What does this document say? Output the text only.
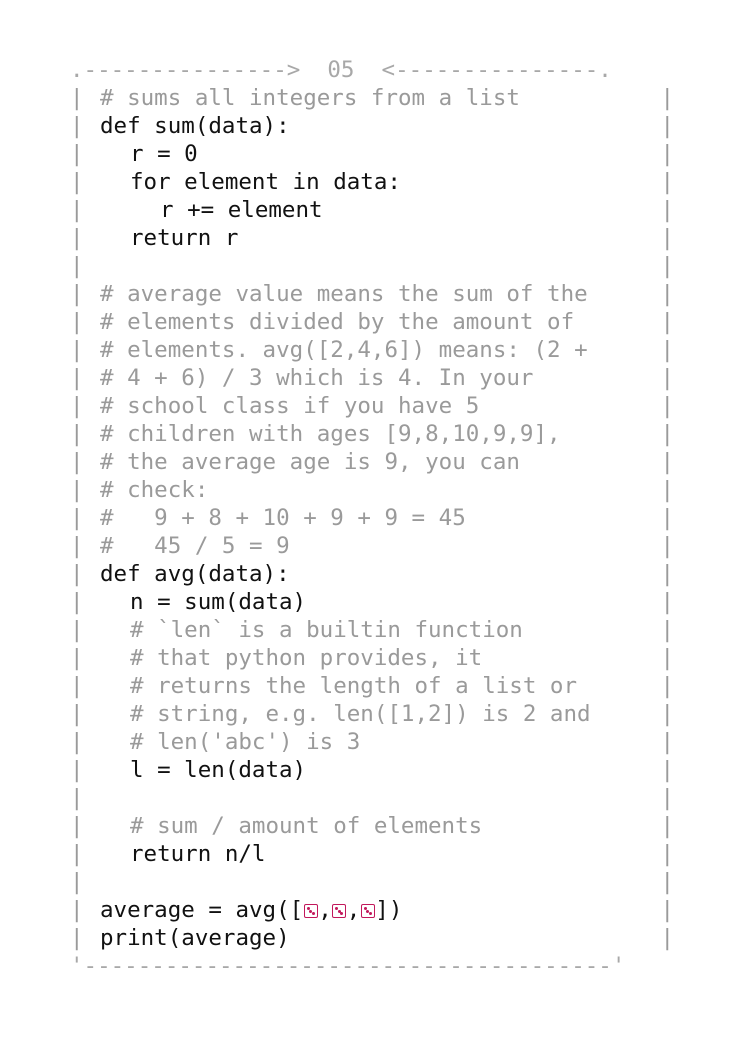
.--------------->  05  <---------------.
| # sums all integers from a list	|
| def sum(data):	|
| r = 0	|
| for element in data:	|
|	r += element	|
| return r	|
|	|
| # average value means the sum of the	|
| # elements divided by the amount of	|
| # elements. avg([2,4,6]) means: (2 +	|
| # 4 + 6) / 3 which is 4. In your	|
| # school class if you have 5	|
| # children with ages [9,8,10,9,9],	|
| # the average age is 9, you can	|
| # check:	|
| #   9 + 8 + 10 + 9 + 9 = 45	|
| #   45 / 5 = 9	|
| def avg(data):	|
| n = sum(data)	|
| # `len` is a builtin function	|
| # that python provides, it	|
| # returns the length of a list or	|
| # string, e.g. len([1,2]) is 2 and	|
| # len('abc') is 3	|
| l = len(data)	|
|	|
| # sum / amount of elements	|
| return n/l	|
|	|
| average = avg([ , , ])	|
| print(average)	|
'---------------------------------------'
